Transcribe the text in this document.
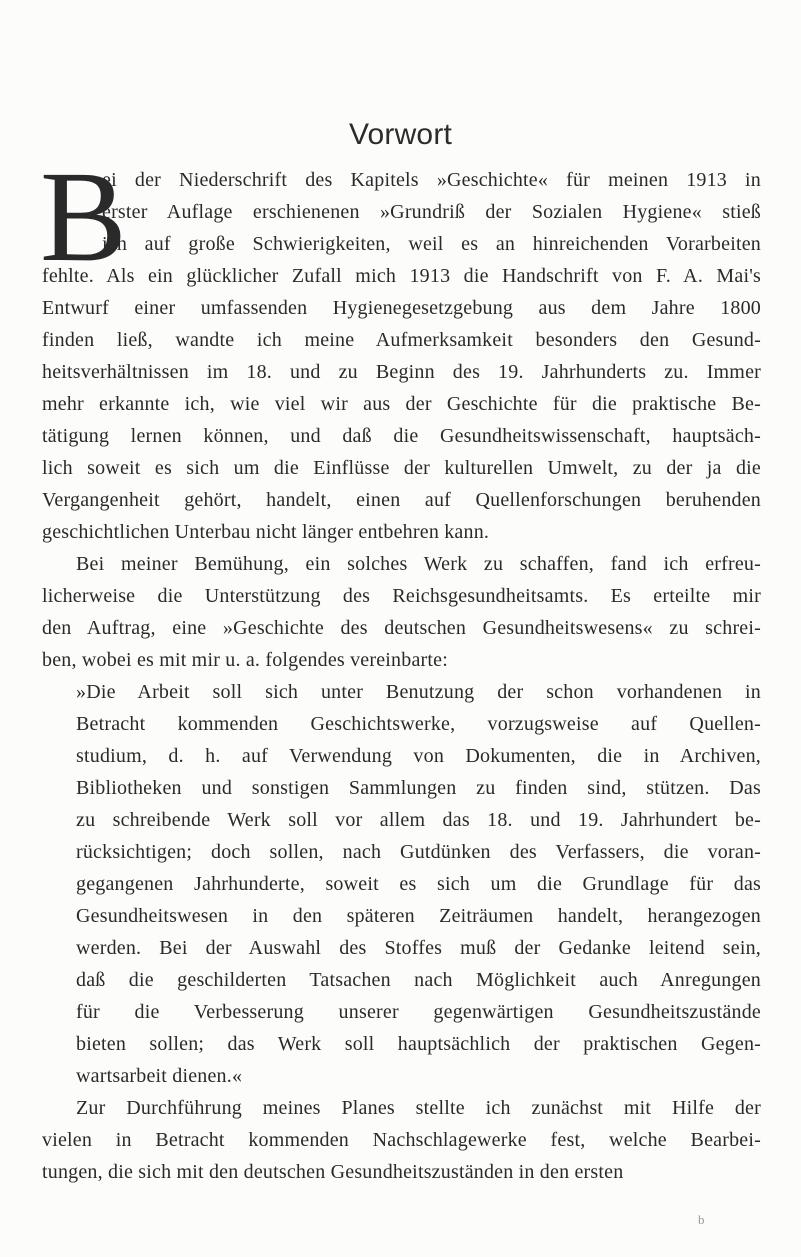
Vorwort
B
ei der Niederschrift des Kapitels »Geschichte« für meinen 1913 in
erster Auflage erschienenen »Grundriß der Sozialen Hygiene« stieß
ich auf große Schwierigkeiten, weil es an hinreichenden Vorarbeiten
fehlte. Als ein glücklicher Zufall mich 1913 die Handschrift von F. A. Mai's
Entwurf einer umfassenden Hygienegesetzgebung aus dem Jahre 1800
finden ließ, wandte ich meine Aufmerksamkeit besonders den Gesund-
heitsverhältnissen im 18. und zu Beginn des 19. Jahrhunderts zu. Immer
mehr erkannte ich, wie viel wir aus der Geschichte für die praktische Be-
tätigung lernen können, und daß die Gesundheitswissenschaft, hauptsäch-
lich soweit es sich um die Einflüsse der kulturellen Umwelt, zu der ja die
Vergangenheit gehört, handelt, einen auf Quellenforschungen beruhenden
geschichtlichen Unterbau nicht länger entbehren kann.
Bei meiner Bemühung, ein solches Werk zu schaffen, fand ich erfreu-
licherweise die Unterstützung des Reichsgesundheitsamts. Es erteilte mir
den Auftrag, eine »Geschichte des deutschen Gesundheitswesens« zu schrei-
ben, wobei es mit mir u. a. folgendes vereinbarte:
»Die Arbeit soll sich unter Benutzung der schon vorhandenen in
Betracht kommenden Geschichtswerke, vorzugsweise auf Quellen-
studium, d. h. auf Verwendung von Dokumenten, die in Archiven,
Bibliotheken und sonstigen Sammlungen zu finden sind, stützen. Das
zu schreibende Werk soll vor allem das 18. und 19. Jahrhundert be-
rücksichtigen; doch sollen, nach Gutdünken des Verfassers, die voran-
gegangenen Jahrhunderte, soweit es sich um die Grundlage für das
Gesundheitswesen in den späteren Zeiträumen handelt, herangezogen
werden. Bei der Auswahl des Stoffes muß der Gedanke leitend sein,
daß die geschilderten Tatsachen nach Möglichkeit auch Anregungen
für die Verbesserung unserer gegenwärtigen Gesundheitszustände
bieten sollen; das Werk soll hauptsächlich der praktischen Gegen-
wartsarbeit dienen.«
Zur Durchführung meines Planes stellte ich zunächst mit Hilfe der
vielen in Betracht kommenden Nachschlagewerke fest, welche Bearbei-
tungen, die sich mit den deutschen Gesundheitszuständen in den ersten
b
